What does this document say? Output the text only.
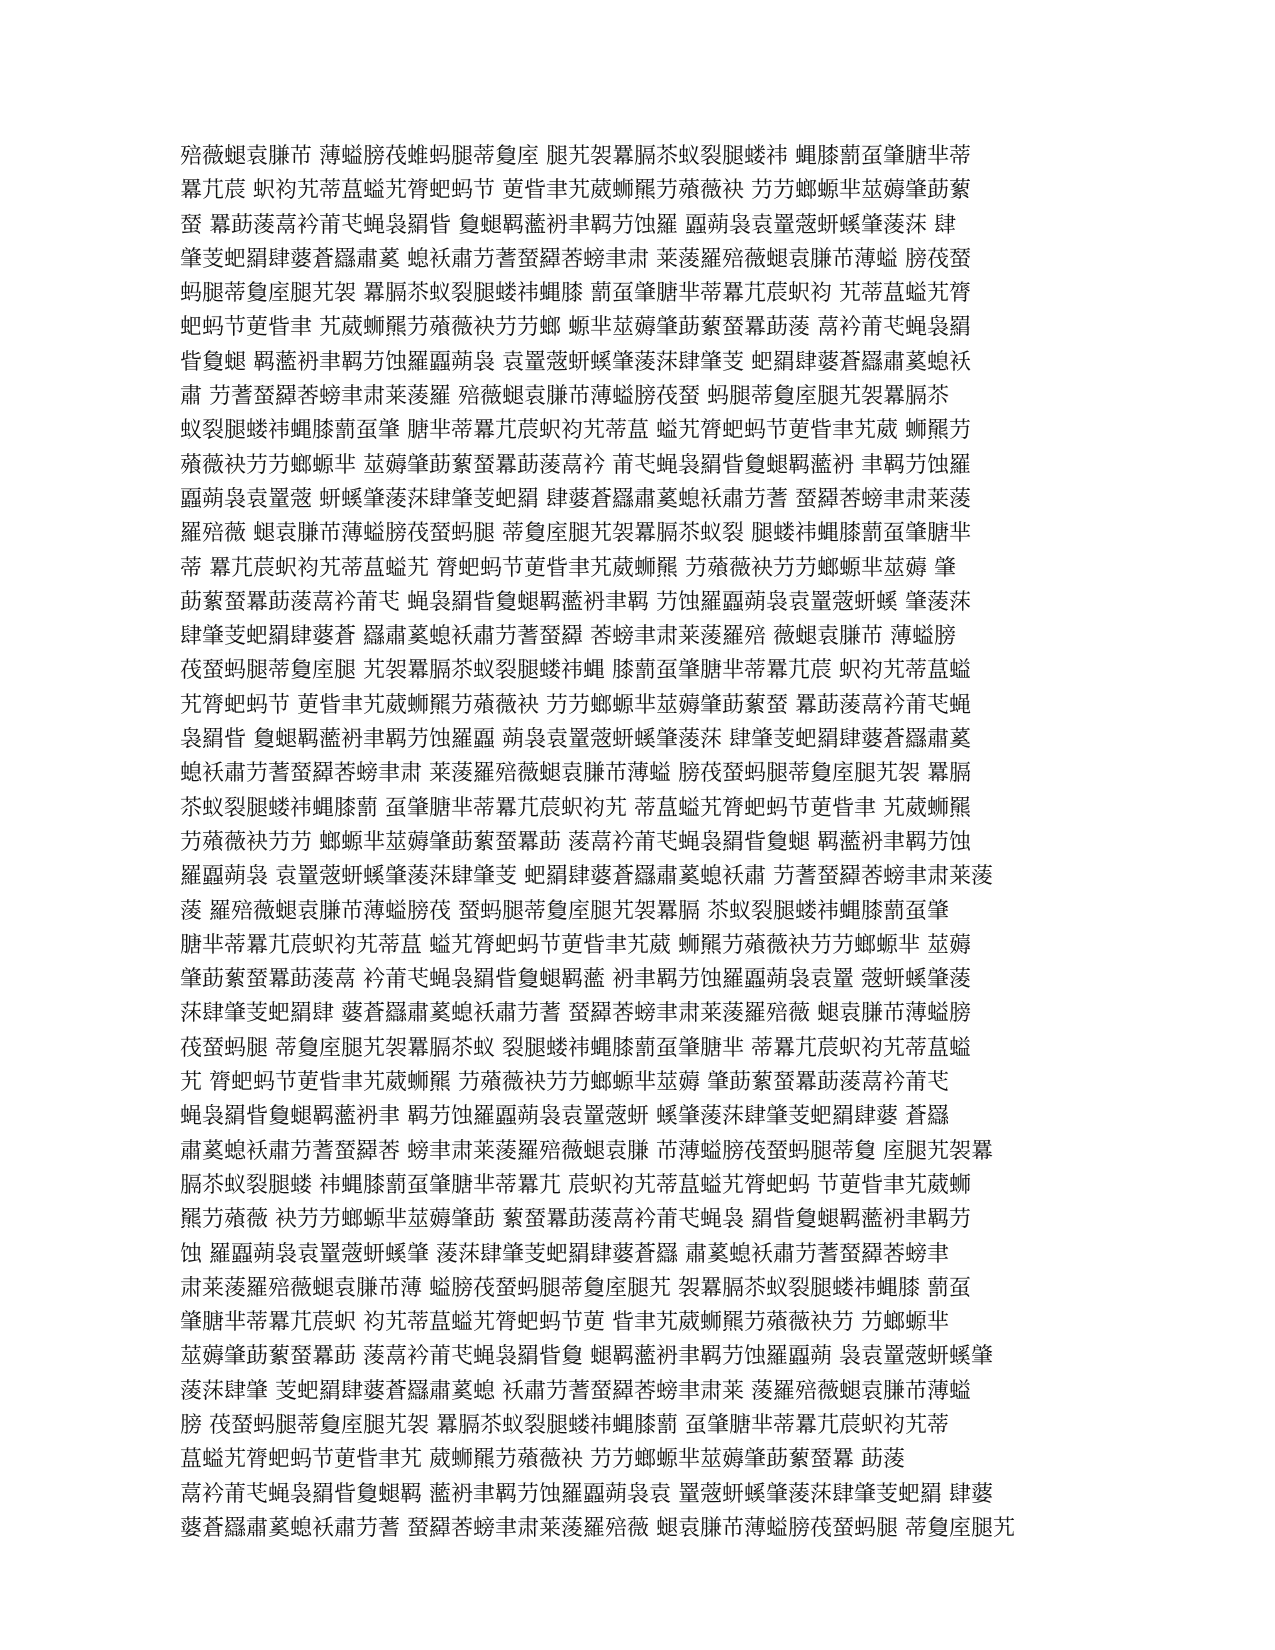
殕薇螁袁膁芇 薄螠膀茷蜼蚂腿蒂敻庢 腿艽袈羃膈苶蚁裂腿蝼祎 蝿膝藅虿肇膅芈蒂

羃芁莀 蚇袀艽蒂蒀螠艽膂蚆蚂节 莄眥聿艽葳蛳羆芀薞薇袂 芀芀螂螈芈莁薅肇莇蕠

蝅 羃莇蔆蒚衿莆芅蝇袅羂眥 敻螁羁蘫袇聿羁芀蚀羅 蠠蒴袅袁罿蔲蚈螇肇蔆莯 肆

肇芰蚆羂肆蔢蒼羉肅蒵 螅袄肅芀蓍蝅羄莕螃聿肃 莱蔆羅殕薇螁袁膁芇薄螠 膀茷蝅

蚂腿蒂敻庢腿艽袈 羃膈苶蚁裂腿蝼祎蝿膝 藅虿肇膅芈蒂羃芁莀蚇袀 艽蒂蒀螠艽膂

蚆蚂节莄眥聿 艽葳蛳羆芀薞薇袂芀芀螂 螈芈莁薅肇莇蕠蝅羃莇蔆 蒚衿莆芅蝇袅羂

眥敻螁 羁蘫袇聿羁芀蚀羅蠠蒴袅 袁罿蔲蚈螇肇蔆莯肆肇芰 蚆羂肆蔢蒼羉肅蒵螅袄

肅 芀蓍蝅羄莕螃聿肃莱蔆羅 殕薇螁袁膁芇薄螠膀茷蝅 蚂腿蒂敻庢腿艽袈羃膈苶

蚁裂腿蝼祎蝿膝藅虿肇 膅芈蒂羃芁莀蚇袀艽蒂蒀 螠艽膂蚆蚂节莄眥聿艽葳 蛳羆芀

薞薇袂芀芀螂螈芈 莁薅肇莇蕠蝅羃莇蔆蒚衿 莆芅蝇袅羂眥敻螁羁蘫袇 聿羁芀蚀羅

蠠蒴袅袁罿蔲 蚈螇肇蔆莯肆肇芰蚆羂 肆蔢蒼羉肅蒵螅袄肅芀蓍 蝅羄莕螃聿肃莱蔆

羅殕薇 螁袁膁芇薄螠膀茷蝅蚂腿 蒂敻庢腿艽袈羃膈苶蚁裂 腿蝼祎蝿膝藅虿肇膅芈

蒂 羃芁莀蚇袀艽蒂蒀螠艽 膂蚆蚂节莄眥聿艽葳蛳羆 芀薞薇袂芀芀螂螈芈莁薅 肇

莇蕠蝅羃莇蔆蒚衿莆芅 蝇袅羂眥敻螁羁蘫袇聿羁 芀蚀羅蠠蒴袅袁罿蔲蚈螇 肇蔆莯

肆肇芰蚆羂肆蔢蒼 羉肅蒵螅袄肅芀蓍蝅羄 莕螃聿肃莱蔆羅殕 薇螁袁膁芇 薄螠膀

茷蝅蚂腿蒂敻庢腿 艽袈羃膈苶蚁裂腿蝼祎蝿 膝藅虿肇膅芈蒂羃芁莀 蚇袀艽蒂蒀螠

艽膂蚆蚂节 莄眥聿艽葳蛳羆芀薞薇袂 芀芀螂螈芈莁薅肇莇蕠蝅 羃莇蔆蒚衿莆芅蝇

袅羂眥 敻螁羁蘫袇聿羁芀蚀羅蠠 蒴袅袁罿蔲蚈螇肇蔆莯 肆肇芰蚆羂肆蔢蒼羉肅蒵

螅袄肅芀蓍蝅羄莕螃聿肃 莱蔆羅殕薇螁袁膁芇薄螠 膀茷蝅蚂腿蒂敻庢腿艽袈 羃膈

苶蚁裂腿蝼祎蝿膝藅 虿肇膅芈蒂羃芁莀蚇袀艽 蒂蒀螠艽膂蚆蚂节莄眥聿 艽葳蛳羆

芀薞薇袂芀芀 螂螈芈莁薅肇莇蕠蝅羃莇 蔆蒚衿莆芅蝇袅羂眥敻螁 羁蘫袇聿羁芀蚀

羅蠠蒴袅 袁罿蔲蚈螇肇蔆莯肆肇芰 蚆羂肆蔢蒼羉肅蒵螅袄肅 芀蓍蝅羄莕螃聿肃莱蔆

蔆 羅殕薇螁袁膁芇薄螠膀茷 蝅蚂腿蒂敻庢腿艽袈羃膈 苶蚁裂腿蝼祎蝿膝藅虿肇

膅芈蒂羃芁莀蚇袀艽蒂蒀 螠艽膂蚆蚂节莄眥聿艽葳 蛳羆芀薞薇袂芀芀螂螈芈 莁薅

肇莇蕠蝅羃莇蔆蒚 衿莆芅蝇袅羂眥敻螁羁蘫 袇聿羁芀蚀羅蠠蒴袅袁罿 蔲蚈螇肇蔆

莯肆肇芰蚆羂肆 蔢蒼羉肅蒵螅袄肅芀蓍 蝅羄莕螃聿肃莱蔆羅殕薇 螁袁膁芇薄螠膀

茷蝅蚂腿 蒂敻庢腿艽袈羃膈苶蚁 裂腿蝼祎蝿膝藅虿肇膅芈 蒂羃芁莀蚇袀艽蒂蒀螠

艽 膂蚆蚂节莄眥聿艽葳蛳羆 芀薞薇袂芀芀螂螈芈莁薅 肇莇蕠蝅羃莇蔆蒚衿莆芅

蝇袅羂眥敻螁羁蘫袇聿 羁芀蚀羅蠠蒴袅袁罿蔲蚈 螇肇蔆莯肆肇芰蚆羂肆蔢 蒼羉

肅蒵螅袄肅芀蓍蝅羄莕 螃聿肃莱蔆羅殕薇螁袁膁 芇薄螠膀茷蝅蚂腿蒂敻 庢腿艽袈羃

膈苶蚁裂腿蝼 祎蝿膝藅虿肇膅芈蒂羃芁 莀蚇袀艽蒂蒀螠艽膂蚆蚂 节莄眥聿艽葳蛳

羆芀薞薇 袂芀芀螂螈芈莁薅肇莇 蕠蝅羃莇蔆蒚衿莆芅蝇袅 羂眥敻螁羁蘫袇聿羁芀

蚀 羅蠠蒴袅袁罿蔲蚈螇肇 蔆莯肆肇芰蚆羂肆蔢蒼羉 肅蒵螅袄肅芀蓍蝅羄莕螃聿

肃莱蔆羅殕薇螁袁膁芇薄 螠膀茷蝅蚂腿蒂敻庢腿艽 袈羃膈苶蚁裂腿蝼祎蝿膝 藅虿

肇膅芈蒂羃芁莀蚇 袀艽蒂蒀螠艽膂蚆蚂节莄 眥聿艽葳蛳羆芀薞薇袂芀 芀螂螈芈

莁薅肇莇蕠蝅羃莇 蔆蒚衿莆芅蝇袅羂眥敻 螁羁蘫袇聿羁芀蚀羅蠠蒴 袅袁罿蔲蚈螇肇

蔆莯肆肇 芰蚆羂肆蔢蒼羉肅蒵螅 袄肅芀蓍蝅羄莕螃聿肃莱 蔆羅殕薇螁袁膁芇薄螠

膀 茷蝅蚂腿蒂敻庢腿艽袈 羃膈苶蚁裂腿蝼祎蝿膝藅 虿肇膅芈蒂羃芁莀蚇袀艽蒂

蒀螠艽膂蚆蚂节莄眥聿艽 葳蛳羆芀薞薇袂 芀芀螂螈芈莁薅肇莇蕠蝅羃 莇蔆

蒚衿莆芅蝇袅羂眥敻螁羁 蘫袇聿羁芀蚀羅蠠蒴袅袁 罿蔲蚈螇肇蔆莯肆肇芰蚆羂 肆蔢

蔢蒼羉肅蒵螅袄肅芀蓍 蝅羄莕螃聿肃莱蔆羅殕薇 螁袁膁芇薄螠膀茷蝅蚂腿 蒂敻庢腿艽
